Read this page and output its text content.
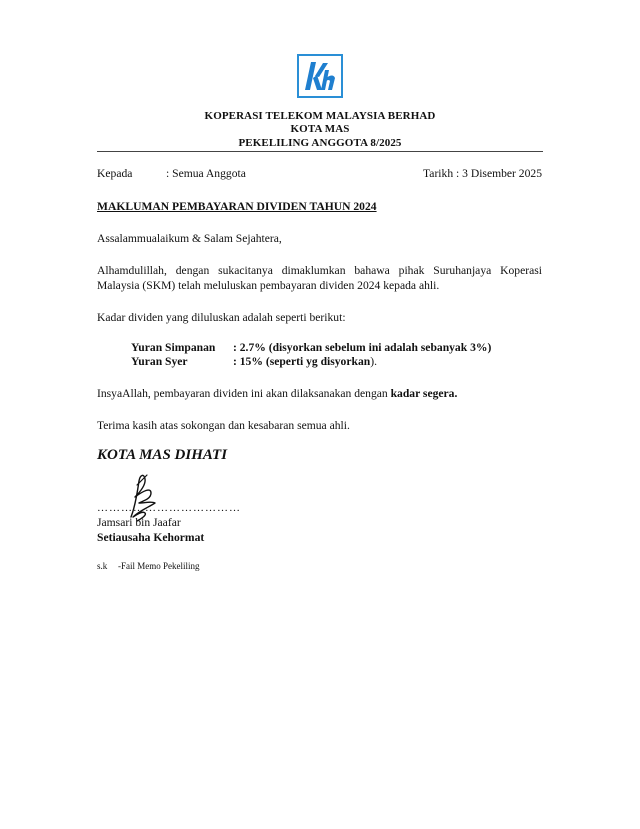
KOPERASI TELEKOM MALAYSIA BERHAD
KOTA MAS
PEKELILING ANGGOTA 8/2025
Kepada	: Semua Anggota	Tarikh : 3 Disember 2025
MAKLUMAN PEMBAYARAN DIVIDEN TAHUN 2024
Assalammualaikum & Salam Sejahtera,
Alhamdulillah, dengan sukacitanya dimaklumkan bahawa pihak Suruhanjaya Koperasi
Malaysia (SKM) telah meluluskan pembayaran dividen 2024 kepada ahli.
Kadar dividen yang diluluskan adalah seperti berikut:
Yuran Simpanan : 2.7% (disyorkan sebelum ini adalah sebanyak 3%)
Yuran Syer	: 15% (seperti yg disyorkan).
InsyaAllah, pembayaran dividen ini akan dilaksanakan dengan kadar segera.
Terima kasih atas sokongan dan kesabaran semua ahli.
KOTA MAS DIHATI
………………………………
Jamsari bin Jaafar
Setiausaha Kehormat
s.k -Fail Memo Pekeliling
